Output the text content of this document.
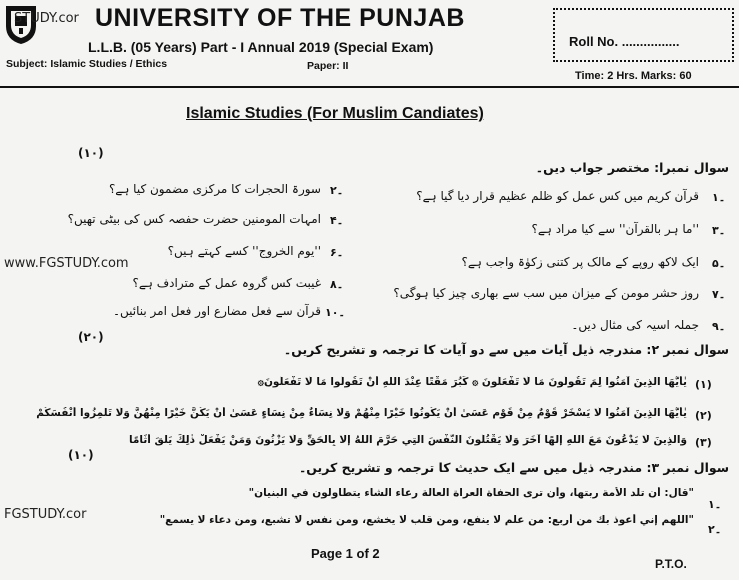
STUDY.cor
www.FGSTUDY.com
FGSTUDY.cor
UNIVERSITY OF THE PUNJAB
L.L.B. (05 Years) Part - I Annual 2019 (Special Exam)
Subject: Islamic Studies / Ethics	Paper: II
Roll No. ................
Time: 2 Hrs. Marks: 60
Islamic Studies (For Muslim Candiates)
(۱۰)
سوال نمبرا: مختصر جواب دیں۔
۱۔
قرآن کریم میں کس عمل کو ظلم عظیم قرار دیا گیا ہے؟
۳۔
''ما ہر بالقرآن'' سے کیا مراد ہے؟
۵۔
ایک لاکھ روپے کے مالک پر کتنی زکوٰۃ واجب ہے؟
۷۔
روز حشر مومن کے میزان میں سب سے بھاری چیز کیا ہوگی؟
۹۔
جملہ اسیہ کی مثال دیں۔
۲۔
سورۃ الحجرات کا مرکزی مضمون کیا ہے؟
۴۔
امہات المومنین حضرت حفصہ کس کی بیٹی تھیں؟
۶۔
''یوم الخروج'' کسے کہتے ہیں؟
۸۔
غیبت کس گروہ عمل کے مترادف ہے؟
۱۰۔
قرآن سے فعل مضارع اور فعل امر بنائیں۔
(۲۰)
سوال نمبر ۲: مندرجہ ذیل آیات میں سے دو آیات کا ترجمہ و تشریح کریں۔
(۱)
يٰأَيُّهَا الَّذِينَ آمَنُوا لِمَ تَقُولُونَ مَا لَا تَفْعَلُونَ ۞ كَبُرَ مَقْتًا عِنْدَ اللَّهِ أَنْ تَقُولُوا مَا لَا تَفْعَلُونَ۞
(۲)
يٰأَيُّهَا الَّذِينَ آمَنُوا لَا يَسْخَرْ قَوْمٌ مِنْ قَوْمٍ عَسَىٰ أَنْ يَكُونُوا خَيْرًا مِنْهُمْ وَلَا نِسَاءٌ مِنْ نِسَاءٍ عَسَىٰ أَنْ يَكُنَّ خَيْرًا مِنْهُنَّ وَلَا تَلْمِزُوا أَنْفُسَكُمْ
(۳)
وَالَّذِينَ لَا يَدْعُونَ مَعَ اللَّهِ إِلٰهًا آخَرَ وَلَا يَقْتُلُونَ النَّفْسَ الَّتِي حَرَّمَ اللَّهُ إِلَّا بِالْحَقِّ وَلَا يَزْنُونَ وَمَنْ يَفْعَلْ ذٰلِكَ يَلْقَ أَثَامًا
(۱۰)
سوال نمبر ۳: مندرجہ ذیل میں سے ایک حدیث کا ترجمہ و تشریح کریں۔
۱۔
"قال: أن تلد الأمة ربتها، وأن ترى الحفاة العراة العالة رعاء الشاء يتطاولون في البنيان"
۲۔
"اللهم إني أعوذ بك من أربع: من علم لا ينفع، ومن قلب لا يخشع، ومن نفس لا تشبع، ومن دعاء لا يسمع"
Page 1 of 2
P.T.O.
